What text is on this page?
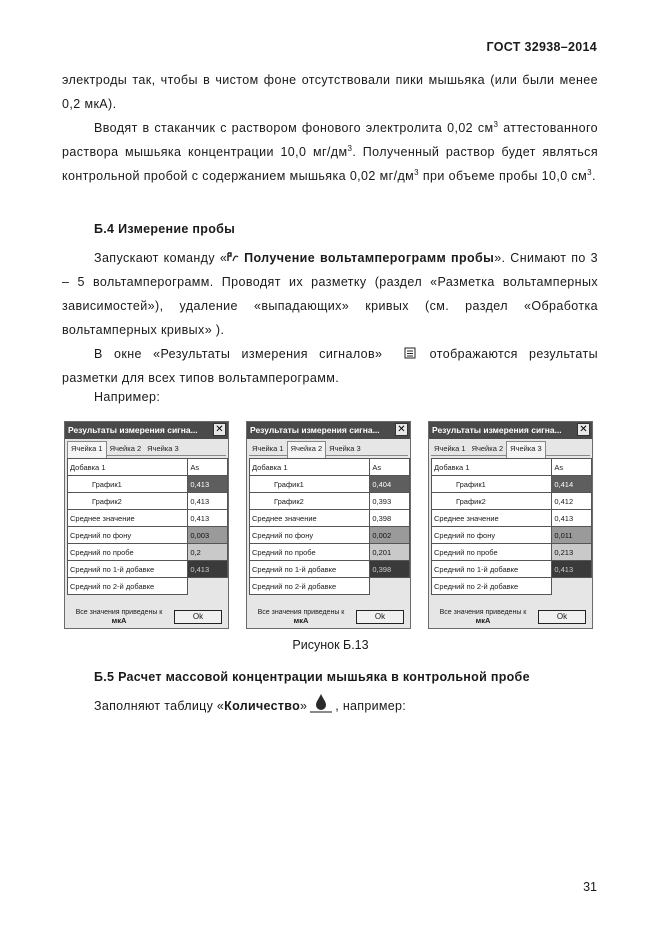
ГОСТ 32938–2014
электроды так, чтобы в чистом фоне отсутствовали пики мышьяка (или были менее 0,2 мкА).
Вводят в стаканчик с раствором фонового электролита 0,02 $см^3$ аттестованного раствора мышьяка концентрации 10,0 $мг/дм^3$. Полученный раствор будет являться контрольной пробой с содержанием мышьяка 0,02 $мг/дм^3$ при объеме пробы 10,0 $см^3$.
Б.4 Измерение пробы
Запускают команду « Получение вольтамперограмм пробы». Снимают по 3 – 5 вольтамперограмм. Проводят их разметку (раздел «Разметка вольтамперных зависимостей»), удаление «выпадающих» кривых (см. раздел «Обработка вольтамперных кривых» ).
В окне «Результаты измерения сигналов»	отображаются результаты разметки для всех типов вольтамперограмм.
Например:
Результаты измерения сигна... ✕
Ячейка 1 Ячейка 2 Ячейка 3
Добавка 1	As
График1	0,413
График2	0,413
Среднее значение	0,413
Средний по фону	0,003
Средний по пробе	0,2
Средний по 1-й добавке	0,413
Средний по 2-й добавке	
Все значения приведены к
мкА	Ok
Результаты измерения сигна... ✕
Ячейка 1 Ячейка 2 Ячейка 3
Добавка 1	As
График1	0,404
График2	0,393
Среднее значение	0,398
Средний по фону	0,002
Средний по пробе	0,201
Средний по 1-й добавке	0,398
Средний по 2-й добавке	
Все значения приведены к
мкА	Ok
Результаты измерения сигна... ✕
Ячейка 1 Ячейка 2 Ячейка 3
Добавка 1	As
График1	0,414
График2	0,412
Среднее значение	0,413
Средний по фону	0,011
Средний по пробе	0,213
Средний по 1-й добавке	0,413
Средний по 2-й добавке	
Все значения приведены к
мкА	Ok
Рисунок Б.13
Б.5 Расчет массовой концентрации мышьяка в контрольной пробе
Заполняют таблицу «Количество» , например:
31
